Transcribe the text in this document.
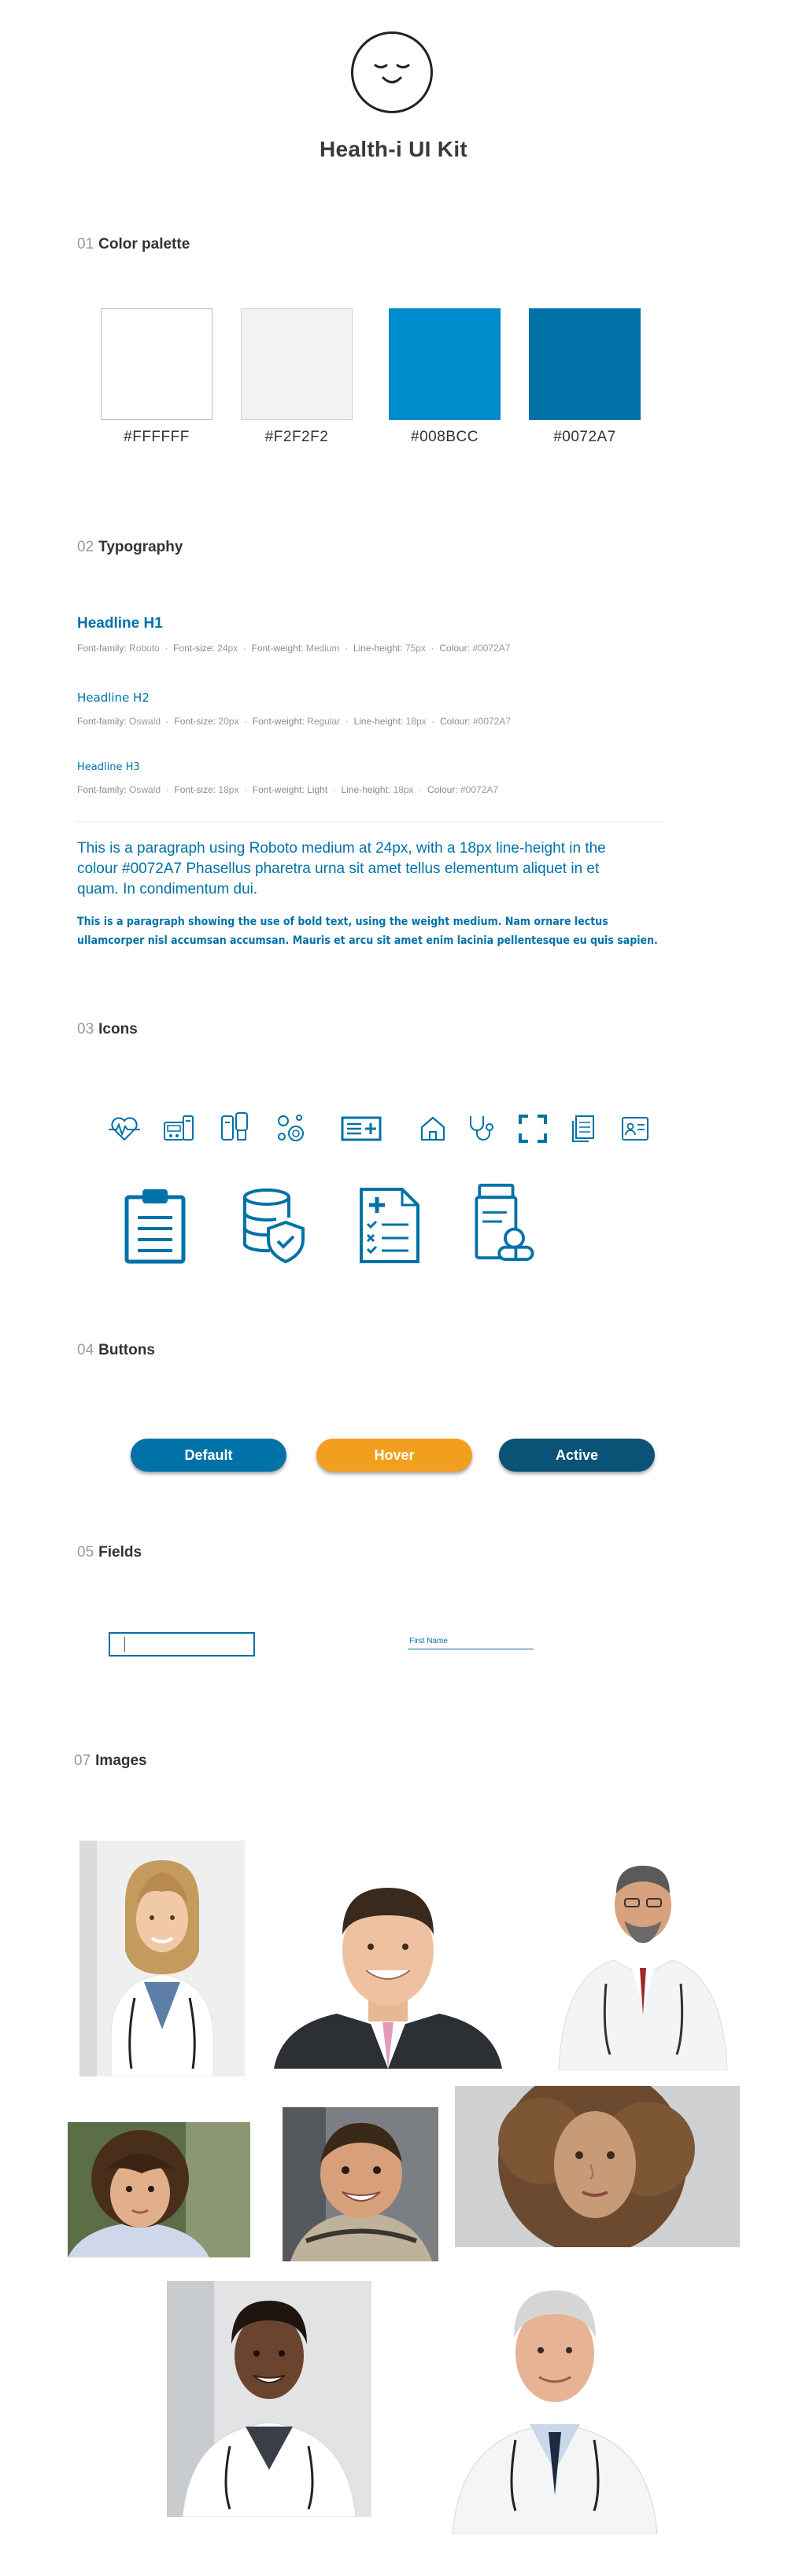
Health-i UI Kit
01 Color palette
#FFFFFF	#F2F2F2	#008BCC	#0072A7
02 Typography
Headline H1
Font-family: Roboto  ·  Font-size: 24px  ·  Font-weight: Medium  ·  Line-height: 75px  ·  Colour: #0072A7
Headline H2
Font-family: Oswald  ·  Font-size: 20px  ·  Font-weight: Regular  ·  Line-height: 18px  ·  Colour: #0072A7
Headline H3
Font-family: Oswald  ·  Font-size: 18px  ·  Font-weight: Light  ·  Line-height: 18px  ·  Colour: #0072A7
This is a paragraph using Roboto medium at 24px, with a 18px line-height in the colour #0072A7 Phasellus pharetra urna sit amet tellus elementum aliquet in et quam. In condimentum dui.
This is a paragraph showing the use of bold text, using the weight medium. Nam ornare lectus ullamcorper nisl accumsan accumsan. Mauris et arcu sit amet enim lacinia pellentesque eu quis sapien.
03 Icons
04 Buttons
Default	Hover	Active
05 Fields
First Name
07 Images
